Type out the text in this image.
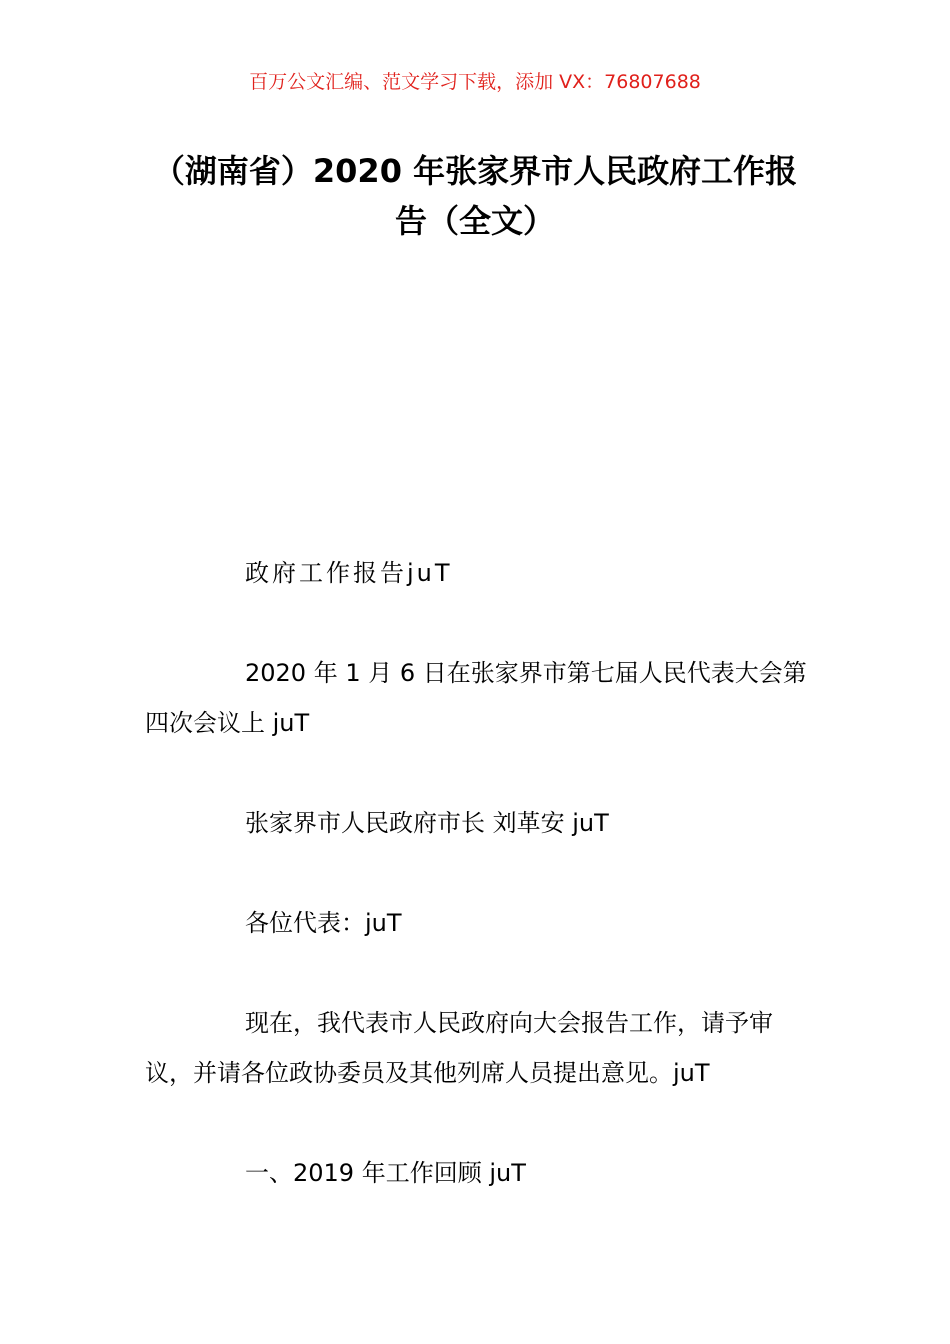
百万公文汇编、范文学习下载，添加 VX：76807688
（湖南省）2020 年张家界市人民政府工作报告（全文）

政府工作报告juT

2020 年 1 月 6 日在张家界市第七届人民代表大会第四次会议上 juT

张家界市人民政府市长 刘革安 juT

各位代表：juT

现在，我代表市人民政府向大会报告工作，请予审议，并请各位政协委员及其他列席人员提出意见。juT

一、2019 年工作回顾 juT
